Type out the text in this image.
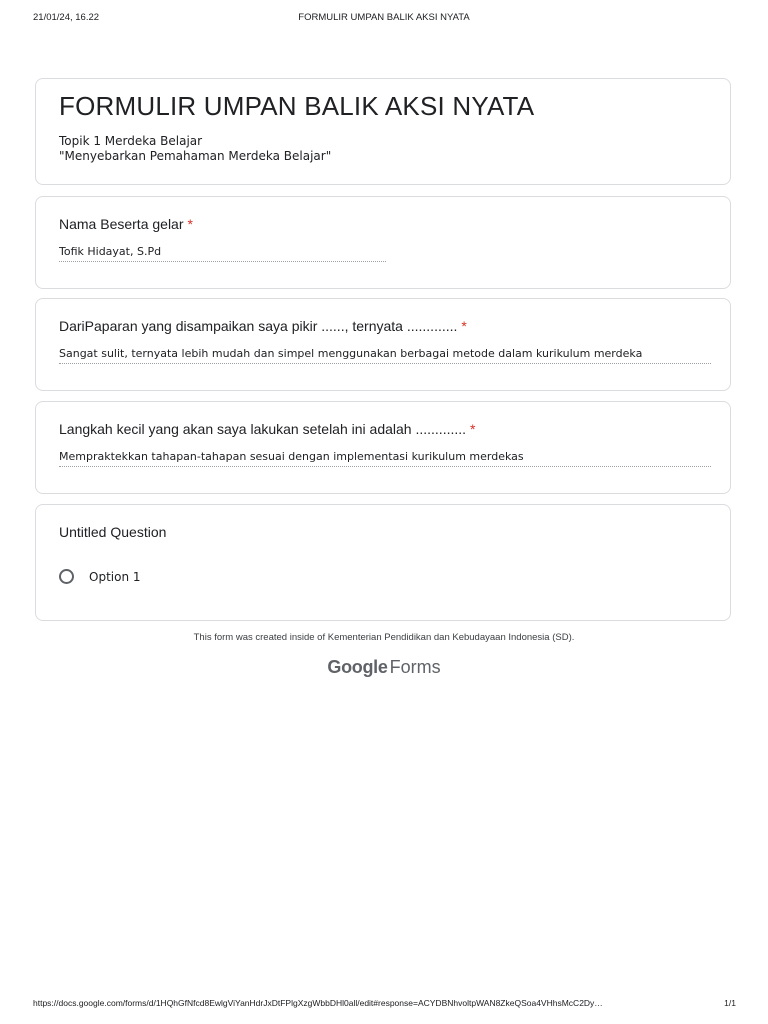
21/01/24, 16.22	FORMULIR UMPAN BALIK AKSI NYATA
FORMULIR UMPAN BALIK AKSI NYATA
Topik 1 Merdeka Belajar
"Menyebarkan Pemahaman Merdeka Belajar"
Nama Beserta gelar *
Tofik Hidayat, S.Pd
DariPaparan yang disampaikan saya pikir ......, ternyata ............. *
Sangat sulit, ternyata lebih mudah dan simpel menggunakan berbagai metode dalam kurikulum merdeka
Langkah kecil yang akan saya lakukan setelah ini adalah ............. *
Mempraktekkan tahapan-tahapan sesuai dengan implementasi kurikulum merdekas
Untitled Question
Option 1
This form was created inside of Kementerian Pendidikan dan Kebudayaan Indonesia (SD).
Google Forms
https://docs.google.com/forms/d/1HQhGfNfcd8EwlgViYanHdrJxDtFPlgXzgWbbDHl0all/edit#response=ACYDBNhvoltpWAN8ZkeQSoa4VHhsMcC2Dy…	1/1
